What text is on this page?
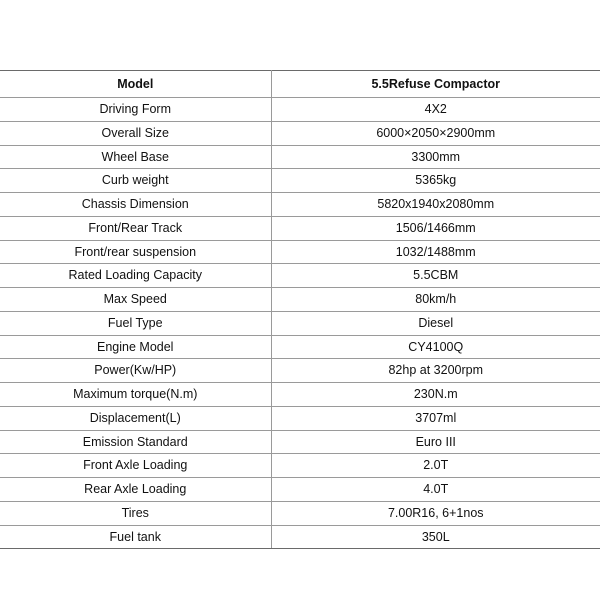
Model	5.5Refuse Compactor
Driving Form	4X2
Overall Size	6000×2050×2900mm
Wheel Base	3300mm
Curb weight	5365kg
Chassis Dimension	5820x1940x2080mm
Front/Rear Track	1506/1466mm
Front/rear suspension	1032/1488mm
Rated Loading Capacity	5.5CBM
Max Speed	80km/h
Fuel Type	Diesel
Engine Model	CY4100Q
Power(Kw/HP)	82hp at 3200rpm
Maximum torque(N.m)	230N.m
Displacement(L)	3707ml
Emission Standard	Euro III
Front Axle Loading	2.0T
Rear Axle Loading	4.0T
Tires	7.00R16, 6+1nos
Fuel tank	350L
